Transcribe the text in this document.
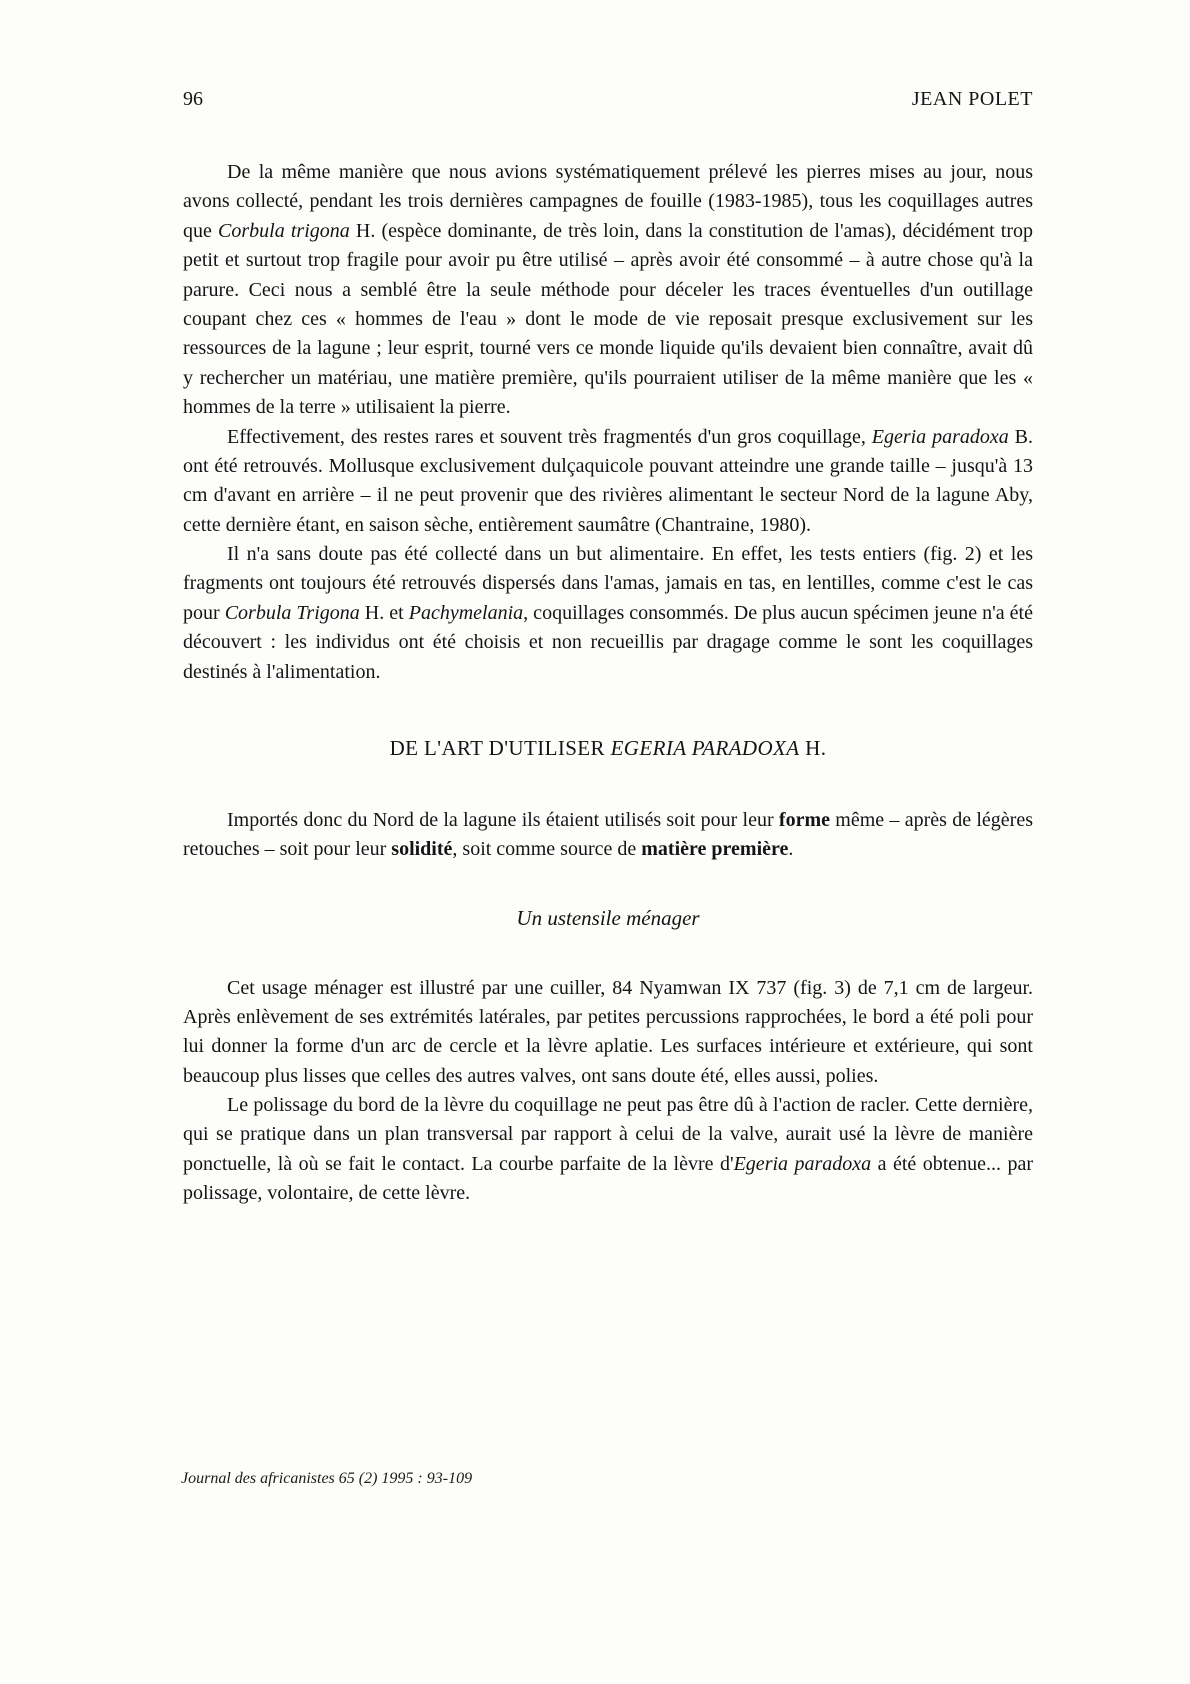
96	JEAN POLET

De la même manière que nous avions systématiquement prélevé les pierres mises au jour, nous avons collecté, pendant les trois dernières campagnes de fouille (1983-1985), tous les coquillages autres que Corbula trigona H. (espèce dominante, de très loin, dans la constitution de l'amas), décidément trop petit et surtout trop fragile pour avoir pu être utilisé – après avoir été consommé – à autre chose qu'à la parure. Ceci nous a semblé être la seule méthode pour déceler les traces éventuelles d'un outillage coupant chez ces « hommes de l'eau » dont le mode de vie reposait presque exclusivement sur les ressources de la lagune ; leur esprit, tourné vers ce monde liquide qu'ils devaient bien connaître, avait dû y rechercher un matériau, une matière première, qu'ils pourraient utiliser de la même manière que les « hommes de la terre » utilisaient la pierre.

Effectivement, des restes rares et souvent très fragmentés d'un gros coquillage, Egeria paradoxa B. ont été retrouvés. Mollusque exclusivement dulçaquicole pouvant atteindre une grande taille – jusqu'à 13 cm d'avant en arrière – il ne peut provenir que des rivières alimentant le secteur Nord de la lagune Aby, cette dernière étant, en saison sèche, entièrement saumâtre (Chantraine, 1980).

Il n'a sans doute pas été collecté dans un but alimentaire. En effet, les tests entiers (fig. 2) et les fragments ont toujours été retrouvés dispersés dans l'amas, jamais en tas, en lentilles, comme c'est le cas pour Corbula Trigona H. et Pachymelania, coquillages consommés. De plus aucun spécimen jeune n'a été découvert : les individus ont été choisis et non recueillis par dragage comme le sont les coquillages destinés à l'alimentation.

DE L'ART D'UTILISER EGERIA PARADOXA H.

Importés donc du Nord de la lagune ils étaient utilisés soit pour leur forme même – après de légères retouches – soit pour leur solidité, soit comme source de matière première.

Un ustensile ménager

Cet usage ménager est illustré par une cuiller, 84 Nyamwan IX 737 (fig. 3) de 7,1 cm de largeur. Après enlèvement de ses extrémités latérales, par petites percussions rapprochées, le bord a été poli pour lui donner la forme d'un arc de cercle et la lèvre aplatie. Les surfaces intérieure et extérieure, qui sont beaucoup plus lisses que celles des autres valves, ont sans doute été, elles aussi, polies.

Le polissage du bord de la lèvre du coquillage ne peut pas être dû à l'action de racler. Cette dernière, qui se pratique dans un plan transversal par rapport à celui de la valve, aurait usé la lèvre de manière ponctuelle, là où se fait le contact. La courbe parfaite de la lèvre d'Egeria paradoxa a été obtenue... par polissage, volontaire, de cette lèvre.

Journal des africanistes 65 (2) 1995 : 93-109
